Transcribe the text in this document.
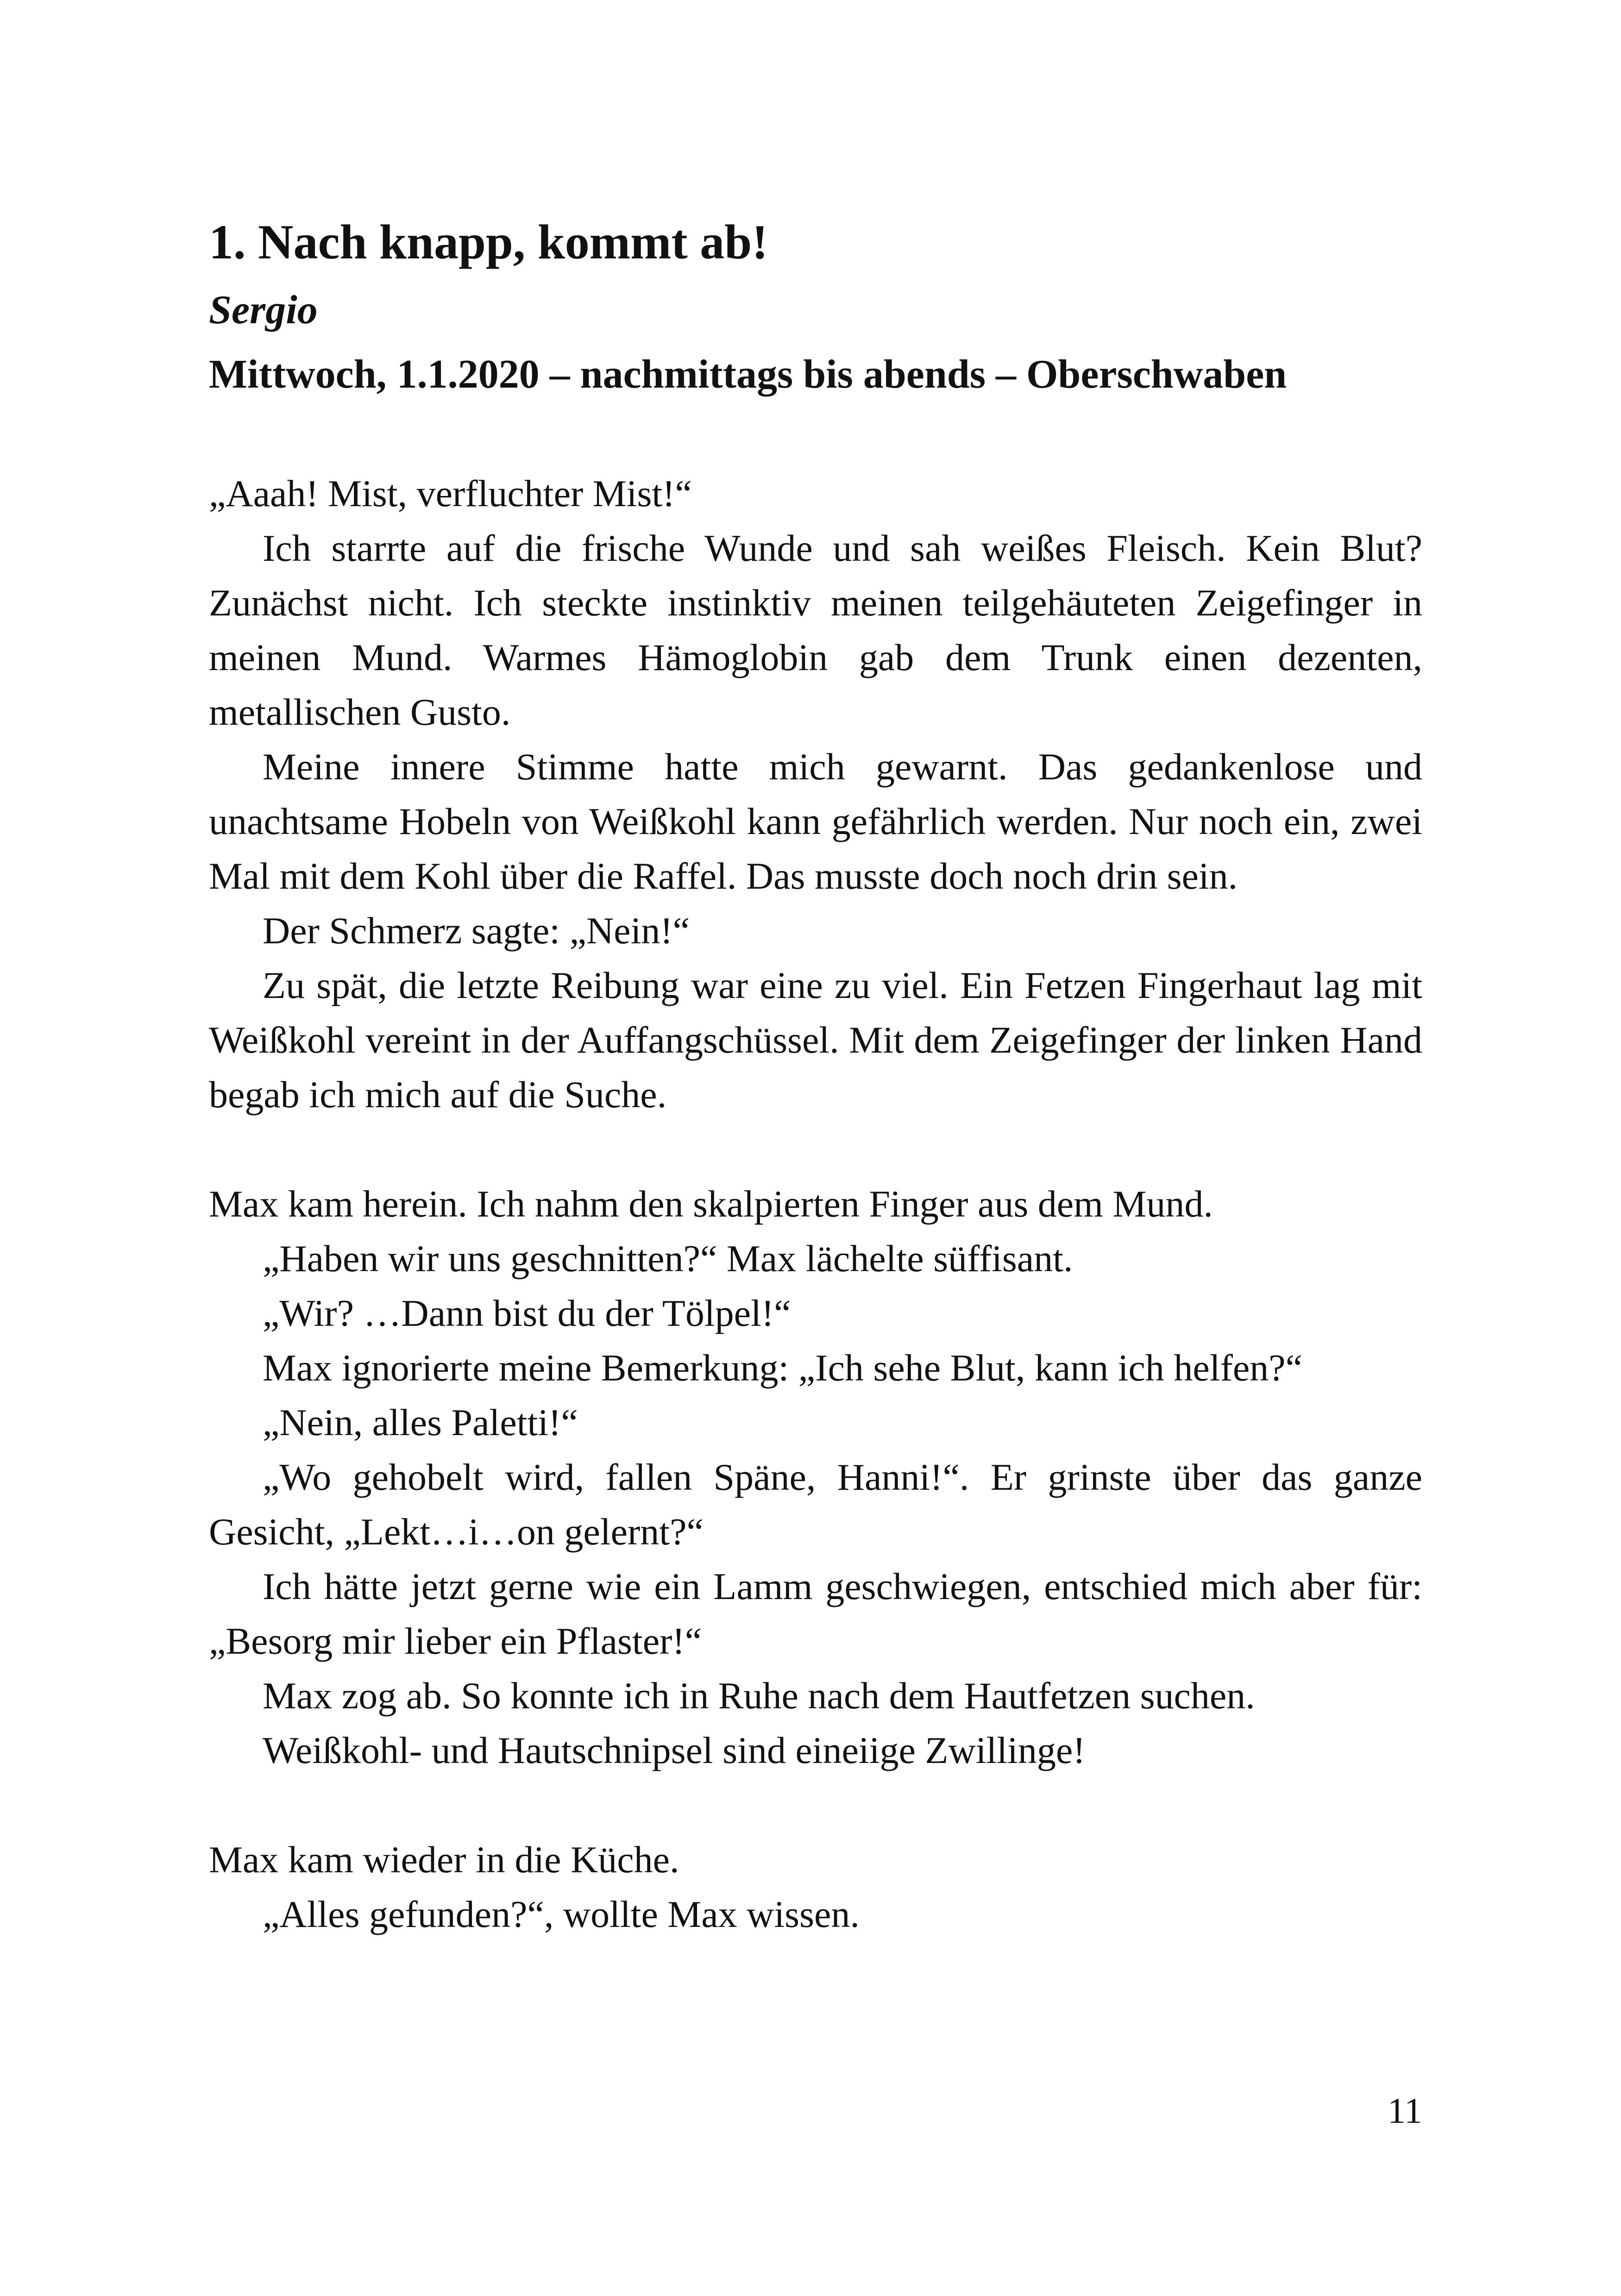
1. Nach knapp, kommt ab!

Sergio

Mittwoch, 1.1.2020 – nachmittags bis abends – Oberschwaben

„Aaah! Mist, verfluchter Mist!“

Ich starrte auf die frische Wunde und sah weißes Fleisch. Kein Blut? Zunächst nicht. Ich steckte instinktiv meinen teilgehäuteten Zeigefinger in meinen Mund. Warmes Hämoglobin gab dem Trunk einen dezenten, metallischen Gusto.

Meine innere Stimme hatte mich gewarnt. Das gedankenlose und unachtsame Hobeln von Weißkohl kann gefährlich werden. Nur noch ein, zwei Mal mit dem Kohl über die Raffel. Das musste doch noch drin sein.

Der Schmerz sagte: „Nein!“

Zu spät, die letzte Reibung war eine zu viel. Ein Fetzen Fingerhaut lag mit Weißkohl vereint in der Auffangschüssel. Mit dem Zeigefinger der linken Hand begab ich mich auf die Suche.

Max kam herein. Ich nahm den skalpierten Finger aus dem Mund.

„Haben wir uns geschnitten?“ Max lächelte süffisant.

„Wir? …Dann bist du der Tölpel!“

Max ignorierte meine Bemerkung: „Ich sehe Blut, kann ich helfen?“

„Nein, alles Paletti!“

„Wo gehobelt wird, fallen Späne, Hanni!“. Er grinste über das ganze Gesicht, „Lekt…i…on gelernt?“

Ich hätte jetzt gerne wie ein Lamm geschwiegen, entschied mich aber für: „Besorg mir lieber ein Pflaster!“

Max zog ab. So konnte ich in Ruhe nach dem Hautfetzen suchen.

Weißkohl- und Hautschnipsel sind eineiige Zwillinge!

Max kam wieder in die Küche.

„Alles gefunden?“, wollte Max wissen.

11
